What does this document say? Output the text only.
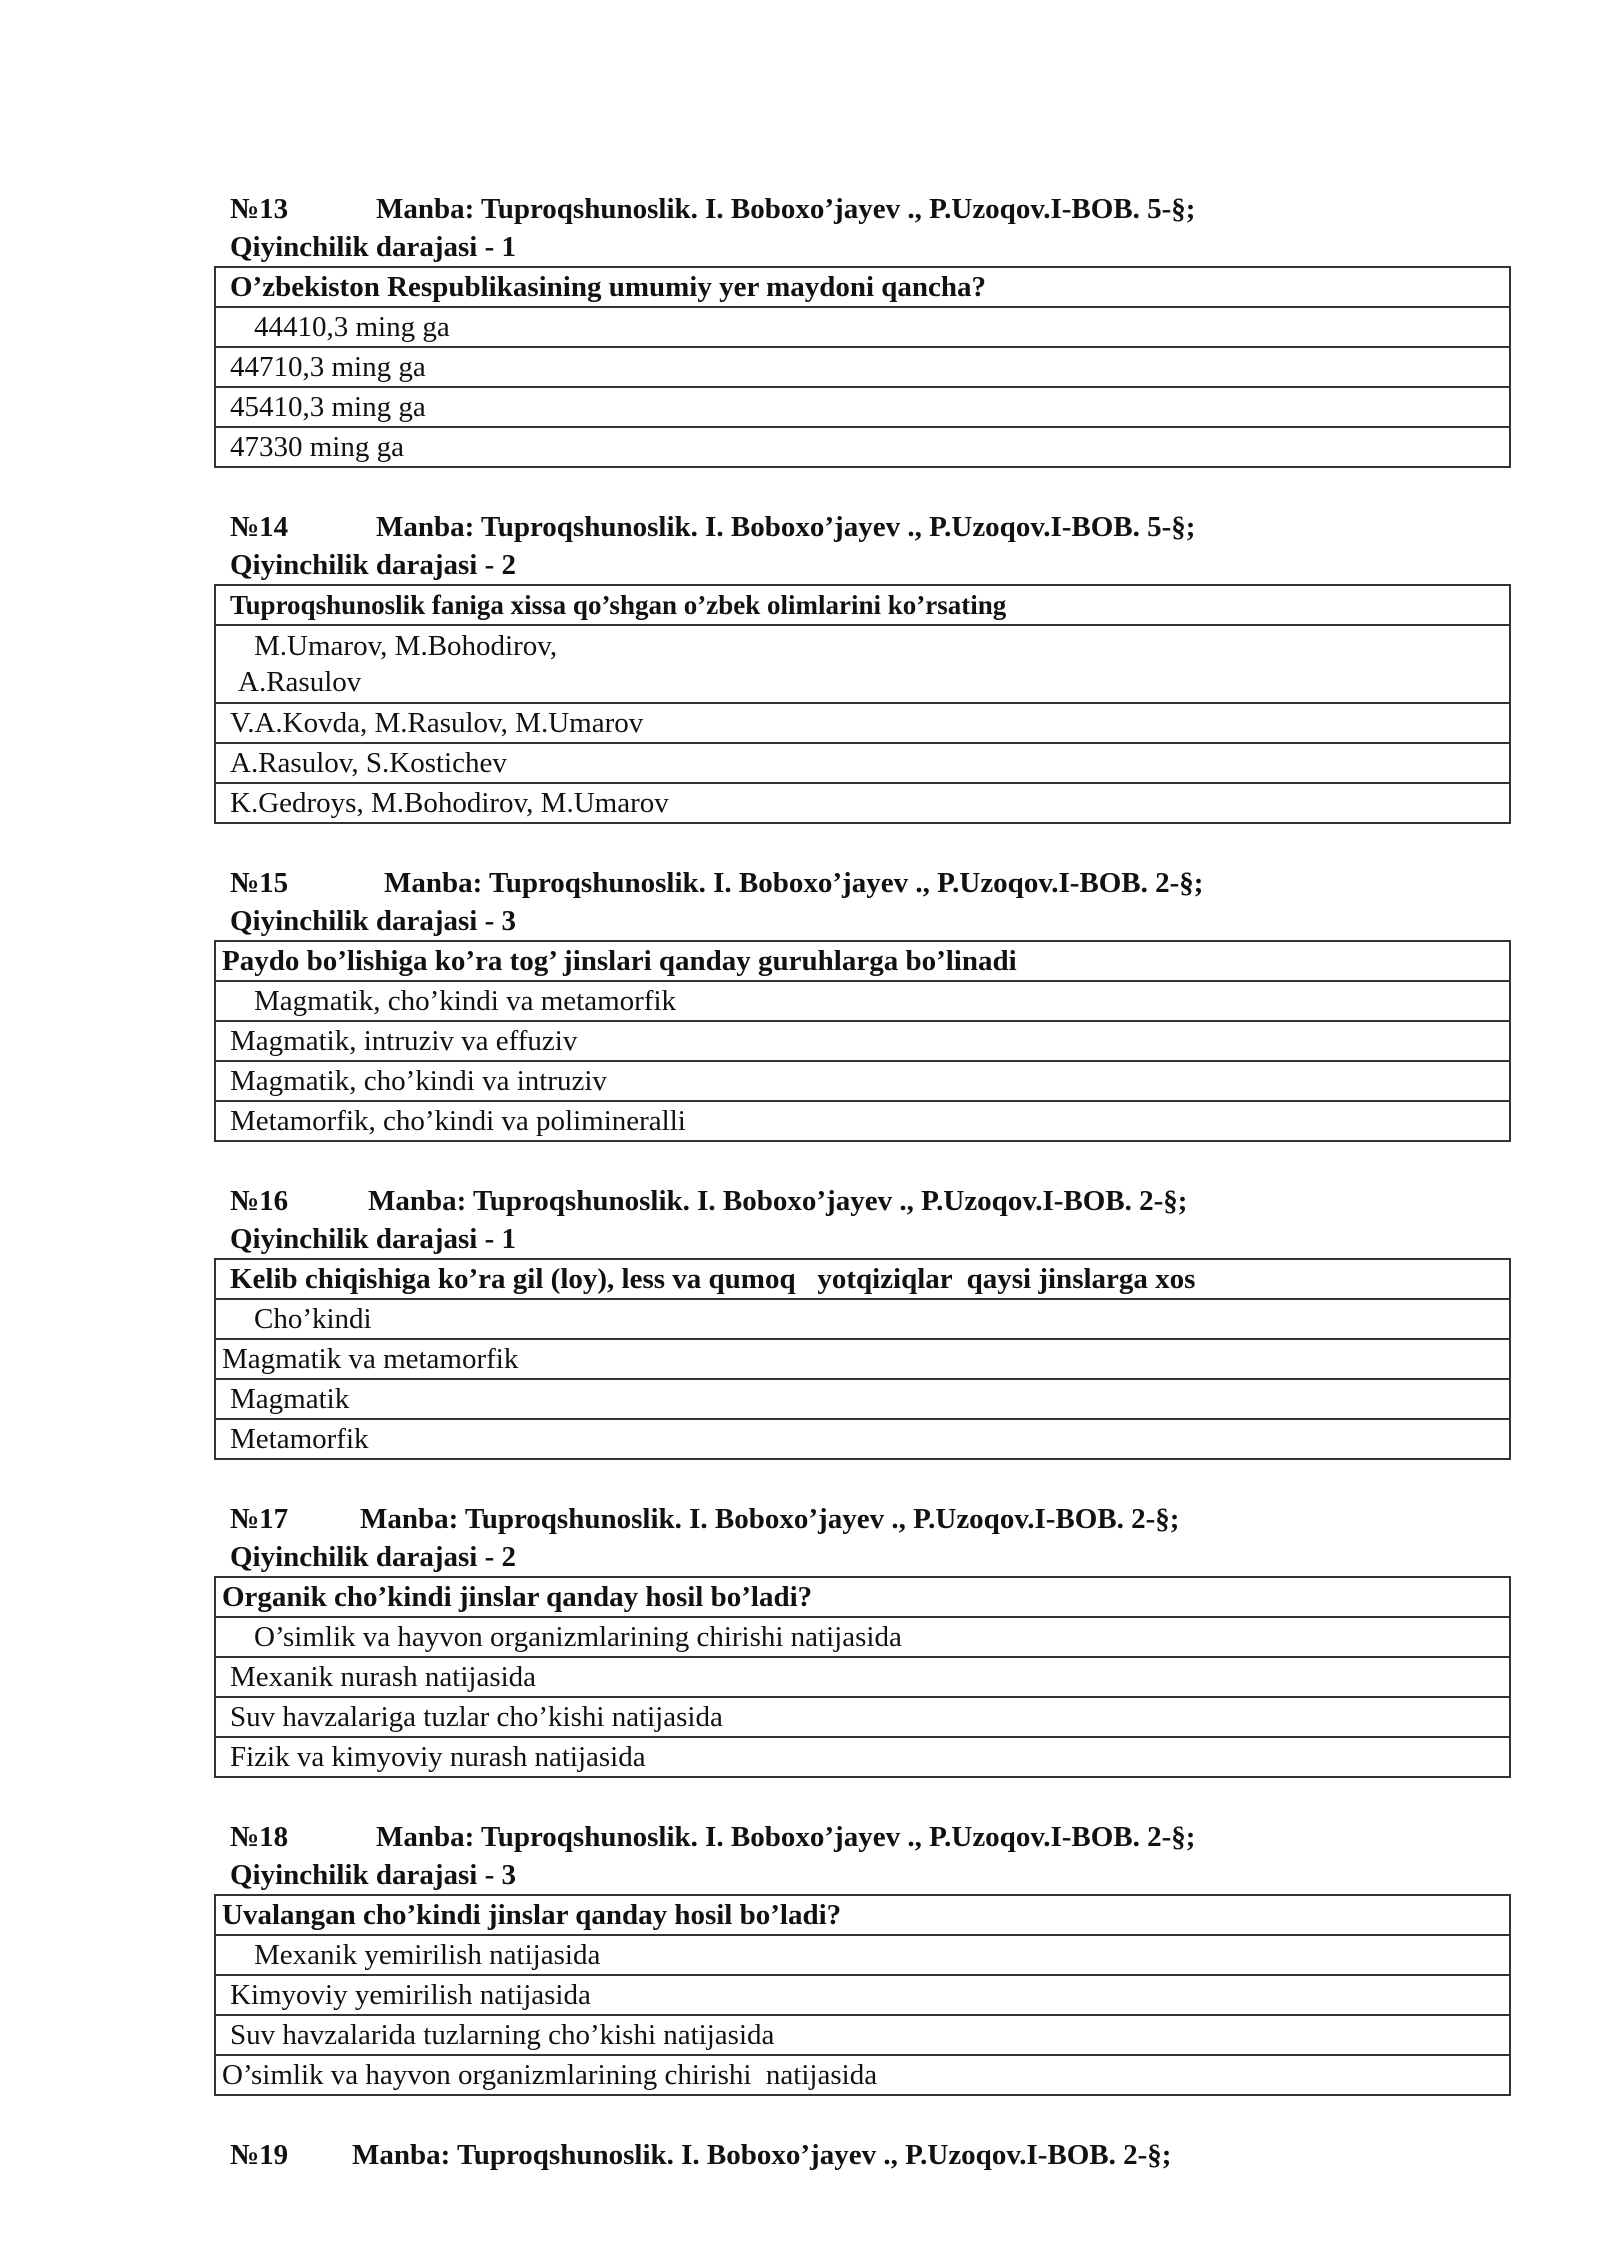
№13	Manba: Tuproqshunoslik. I. Boboxo’jayev ., P.Uzoqov.I-BOB. 5-§;
Qiyinchilik darajasi - 1
O’zbekiston Respublikasining umumiy yer maydoni qancha?
44410,3 ming ga
44710,3 ming ga
45410,3 ming ga
47330 ming ga
№14	Manba: Tuproqshunoslik. I. Boboxo’jayev ., P.Uzoqov.I-BOB. 5-§;
Qiyinchilik darajasi - 2
Tuproqshunoslik faniga xissa qo’shgan o’zbek olimlarini ko’rsating

M.Umarov, M.Bohodirov,
A.Rasulov

V.A.Kovda, M.Rasulov, M.Umarov
A.Rasulov, S.Kostichev
K.Gedroys, M.Bohodirov, M.Umarov
№15	Manba: Tuproqshunoslik. I. Boboxo’jayev ., P.Uzoqov.I-BOB. 2-§;
Qiyinchilik darajasi - 3
Paydo bo’lishiga ko’ra tog’ jinslari qanday guruhlarga bo’linadi
Magmatik, cho’kindi va metamorfik
Magmatik, intruziv va effuziv
Magmatik, cho’kindi va intruziv
Metamorfik, cho’kindi va polimineralli
№16	Manba: Tuproqshunoslik. I. Boboxo’jayev ., P.Uzoqov.I-BOB. 2-§;
Qiyinchilik darajasi - 1
Kelib chiqishiga ko’ra gil (loy), less va qumoq   yotqiziqlar  qaysi jinslarga xos
Cho’kindi
Magmatik va metamorfik
Magmatik
Metamorfik
№17 Manba: Tuproqshunoslik. I. Boboxo’jayev ., P.Uzoqov.I-BOB. 2-§;
Qiyinchilik darajasi - 2
Organik cho’kindi jinslar qanday hosil bo’ladi?
O’simlik va hayvon organizmlarining chirishi natijasida
Mexanik nurash natijasida
Suv havzalariga tuzlar cho’kishi natijasida
Fizik va kimyoviy nurash natijasida
№18	Manba: Tuproqshunoslik. I. Boboxo’jayev ., P.Uzoqov.I-BOB. 2-§;
Qiyinchilik darajasi - 3
Uvalangan cho’kindi jinslar qanday hosil bo’ladi?
Mexanik yemirilish natijasida
Kimyoviy yemirilish natijasida
Suv havzalarida tuzlarning cho’kishi natijasida
O’simlik va hayvon organizmlarining chirishi  natijasida
№19 Manba: Tuproqshunoslik. I. Boboxo’jayev ., P.Uzoqov.I-BOB. 2-§;
